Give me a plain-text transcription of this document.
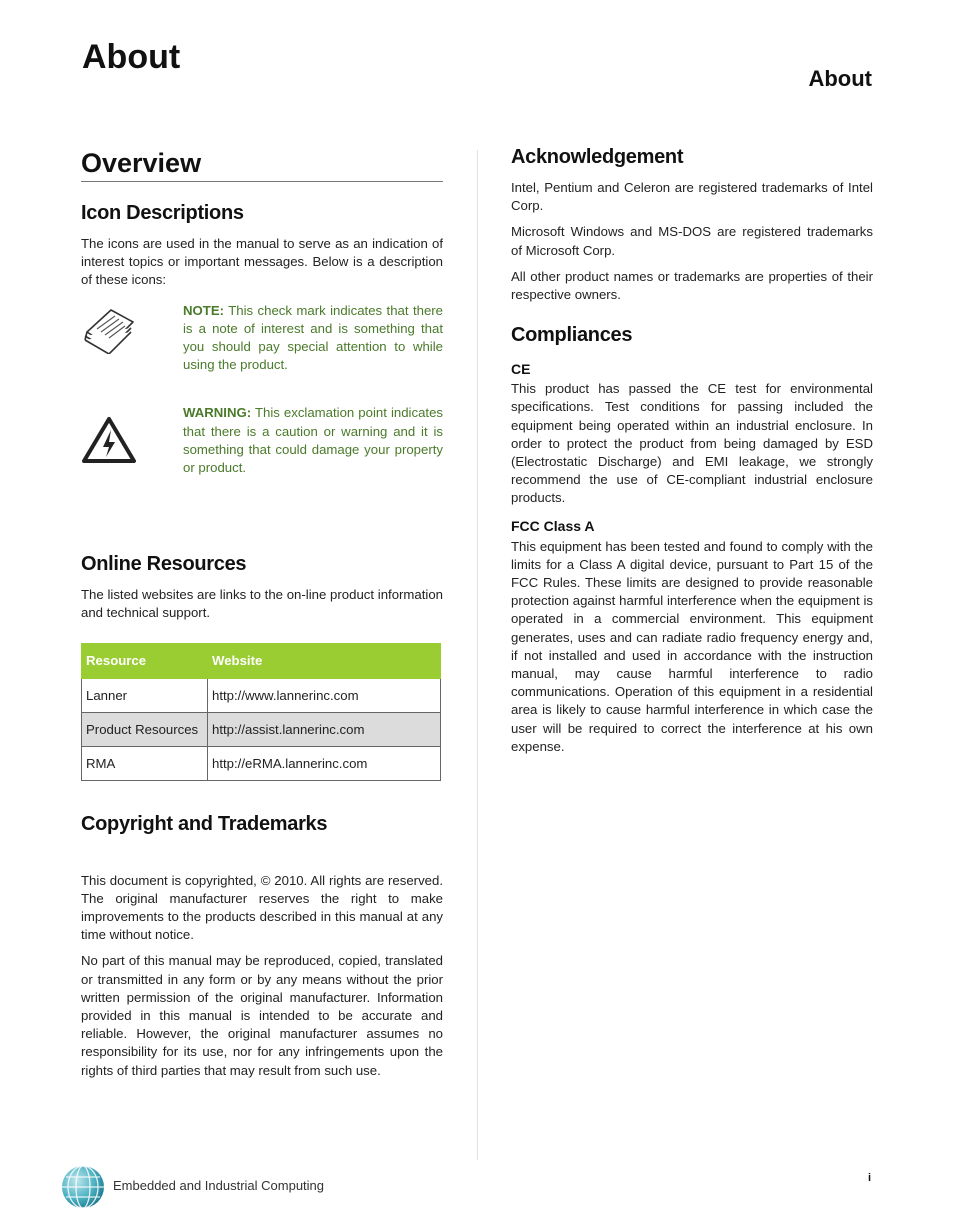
About
About
Overview
Icon Descriptions

The icons are used in the manual to serve as an indication of interest topics or important messages. Below is a description of these icons:

NOTE: This check mark indicates that there is a note of interest and is something that you should pay special attention to while using the product.

WARNING: This exclamation point indicates that there is a caution or warning and it is something that could damage your property or product.

Online Resources

The listed websites are links to the on-line product information and technical support.

Resource	Website
Lanner	http://www.lannerinc.com
Product Resources	http://assist.lannerinc.com
RMA	http://eRMA.lannerinc.com
Copyright and Trademarks

This document is copyrighted, © 2010. All rights are reserved. The original manufacturer reserves the right to make improvements to the products described in this manual at any time without notice.

No part of this manual may be reproduced, copied, translated or transmitted in any form or by any means without the prior written permission of the original manufacturer. Information provided in this manual is intended to be accurate and reliable. However, the original manufacturer assumes no responsibility for its use, nor for any infringements upon the rights of third parties that may result from such use.

Acknowledgement

Intel, Pentium and Celeron are registered trademarks of Intel Corp.

Microsoft Windows and MS-DOS are registered trademarks of Microsoft Corp.

All other product names or trademarks are properties of their respective owners.

Compliances
CE

This product has passed the CE test for environmental specifications. Test conditions for passing included the equipment being operated within an industrial enclosure. In order to protect the product from being damaged by ESD (Electrostatic Discharge) and EMI leakage, we strongly recommend the use of CE-compliant industrial enclosure products.

FCC Class A

This equipment has been tested and found to comply with the limits for a Class A digital device, pursuant to Part 15 of the FCC Rules. These limits are designed to provide reasonable protection against harmful interference when the equipment is operated in a commercial environment. This equipment generates, uses and can radiate radio frequency energy and, if not installed and used in accordance with the instruction manual, may cause harmful interference to radio communications. Operation of this equipment in a residential area is likely to cause harmful interference in which case the user will be required to correct the interference at his own expense.

Embedded and Industrial Computing	i
